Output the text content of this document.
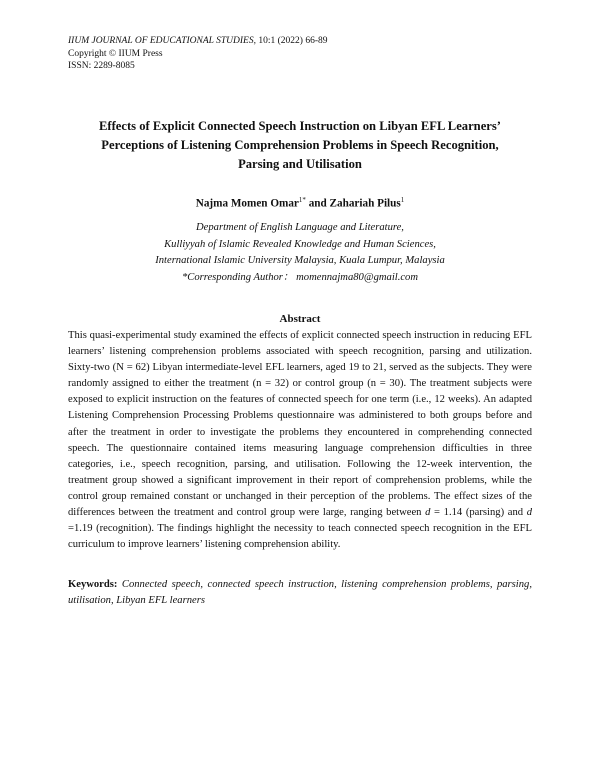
IIUM JOURNAL OF EDUCATIONAL STUDIES, 10:1 (2022) 66-89
Copyright © IIUM Press
ISSN: 2289-8085
Effects of Explicit Connected Speech Instruction on Libyan EFL Learners’
Perceptions of Listening Comprehension Problems in Speech Recognition,
Parsing and Utilisation
Najma Momen Omar$^{1*}$ and Zahariah Pilus$^1$
Department of English Language and Literature,
Kulliyyah of Islamic Revealed Knowledge and Human Sciences,
International Islamic University Malaysia, Kuala Lumpur, Malaysia
*Corresponding Author： momennajma80@gmail.com
Abstract

This quasi-experimental study examined the effects of explicit connected speech instruction in reducing EFL learners’ listening comprehension problems associated with speech recognition, parsing and utilization. Sixty-two (N = 62) Libyan intermediate-level EFL learners, aged 19 to 21, served as the subjects. They were randomly assigned to either the treatment (n = 32) or control group (n = 30). The treatment subjects were exposed to explicit instruction on the features of connected speech for one term (i.e., 12 weeks). An adapted Listening Comprehension Processing Problems questionnaire was administered to both groups before and after the treatment in order to investigate the problems they encountered in comprehending connected speech. The questionnaire contained items measuring language comprehension difficulties in three categories, i.e., speech recognition, parsing, and utilisation. Following the 12-week intervention, the treatment group showed a significant improvement in their report of comprehension problems, while the control group remained constant or unchanged in their perception of the problems. The effect sizes of the differences between the treatment and control group were large, ranging between d = 1.14 (parsing) and d =1.19 (recognition). The findings highlight the necessity to teach connected speech recognition in the EFL curriculum to improve learners’ listening comprehension ability.

Keywords: Connected speech, connected speech instruction, listening comprehension problems, parsing, utilisation, Libyan EFL learners
